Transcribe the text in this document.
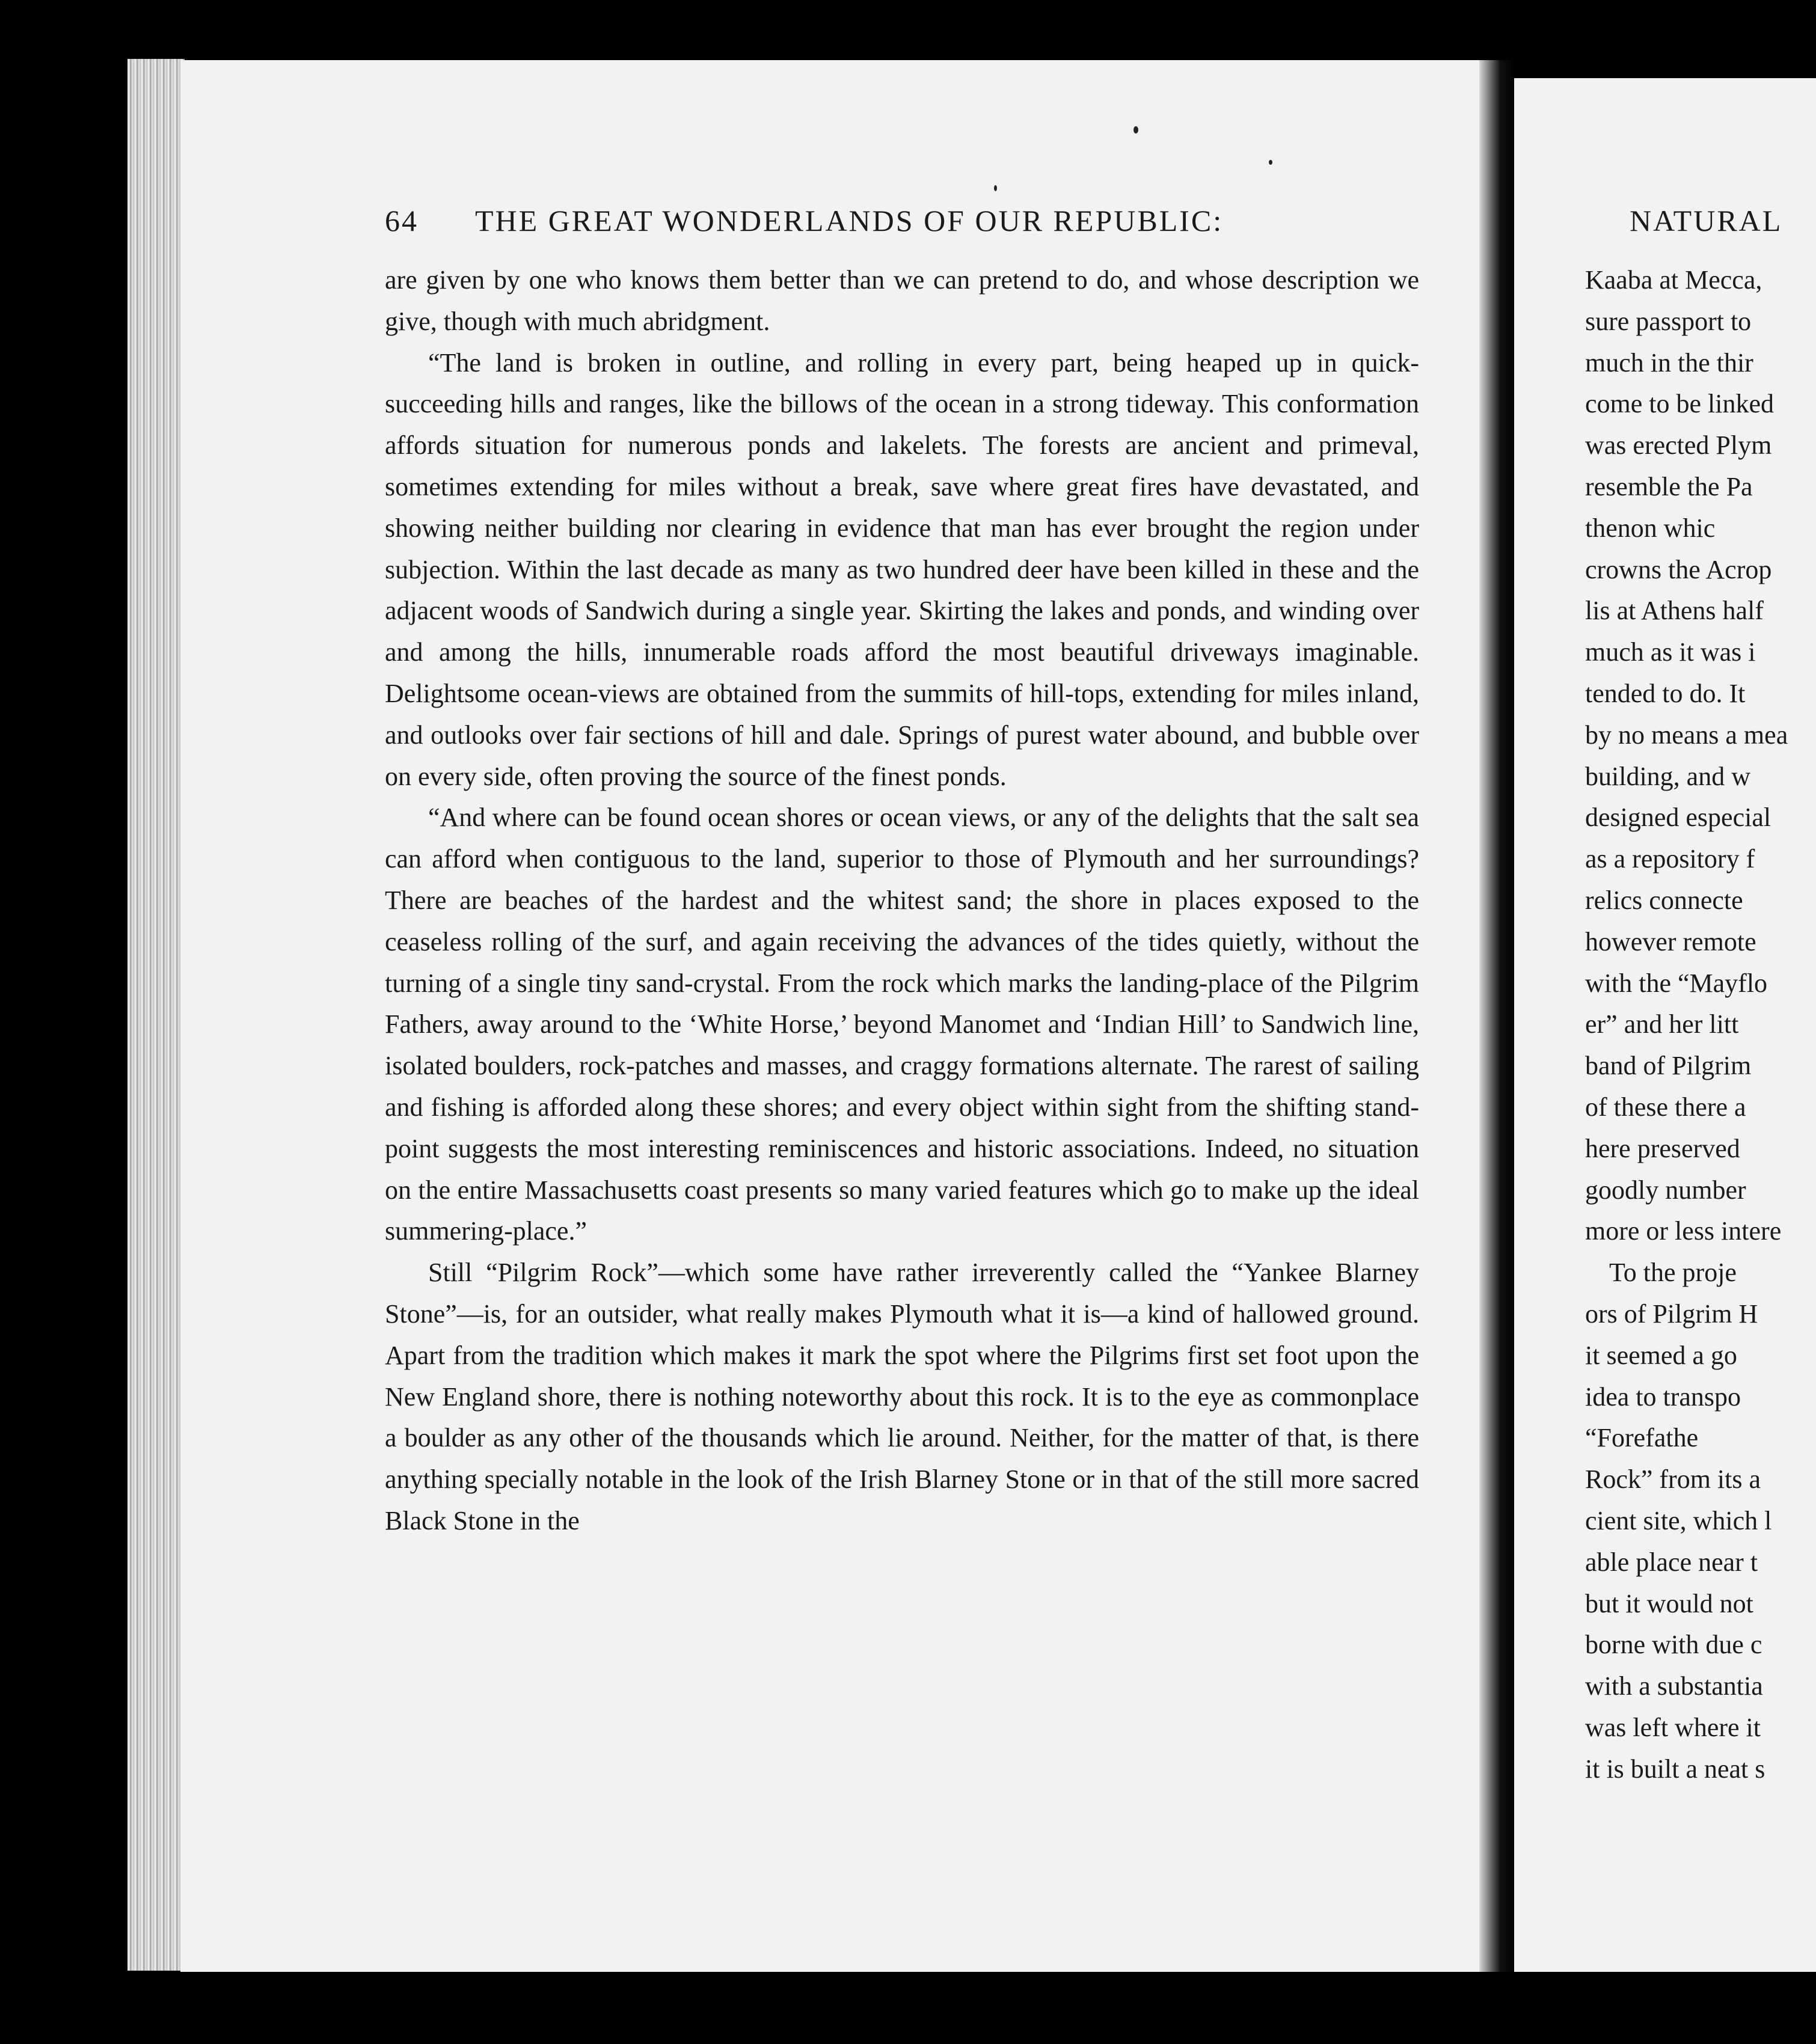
64 THE GREAT WONDERLANDS OF OUR REPUBLIC:

are given by one who knows them better than we can pretend to do, and whose description we give, though with much abridgment.

“The land is broken in outline, and rolling in every part, being heaped up in quick-succeeding hills and ranges, like the billows of the ocean in a strong tideway. This conformation affords situation for numerous ponds and lakelets. The forests are ancient and primeval, sometimes extending for miles without a break, save where great fires have devastated, and showing neither building nor clearing in evidence that man has ever brought the region under subjection. Within the last decade as many as two hundred deer have been killed in these and the adjacent woods of Sandwich during a single year. Skirting the lakes and ponds, and winding over and among the hills, innumerable roads afford the most beautiful driveways imaginable. Delightsome ocean-views are obtained from the summits of hill-tops, extending for miles inland, and outlooks over fair sections of hill and dale. Springs of purest water abound, and bubble over on every side, often proving the source of the finest ponds.

“And where can be found ocean shores or ocean views, or any of the delights that the salt sea can afford when contiguous to the land, superior to those of Plymouth and her surroundings? There are beaches of the hardest and the whitest sand; the shore in places exposed to the ceaseless rolling of the surf, and again receiving the advances of the tides quietly, without the turning of a single tiny sand-crystal. From the rock which marks the landing-place of the Pilgrim Fathers, away around to the ‘White Horse,’ beyond Manomet and ‘Indian Hill’ to Sandwich line, isolated boulders, rock-patches and masses, and craggy formations alternate. The rarest of sailing and fishing is afforded along these shores; and every object within sight from the shifting stand-point suggests the most interesting reminiscences and historic associations. Indeed, no situation on the entire Massachusetts coast presents so many varied features which go to make up the ideal summering-place.”

Still “Pilgrim Rock”—which some have rather irreverently called the “Yankee Blarney Stone”—is, for an outsider, what really makes Plymouth what it is—a kind of hallowed ground. Apart from the tradition which makes it mark the spot where the Pilgrims first set foot upon the New England shore, there is nothing noteworthy about this rock. It is to the eye as commonplace a boulder as any other of the thousands which lie around. Neither, for the matter of that, is there anything specially notable in the look of the Irish Blarney Stone or in that of the still more sacred Black Stone in the

NATURAL
Kaaba at Mecca,
sure passport to
much in the thir
come to be linked
was erected Plym
resemble the Pa
thenon whic
crowns the Acrop
lis at Athens half
much as it was i
tended to do. It
by no means a mea
building, and w
designed especial
as a repository f
relics connecte
however remote
with the “Mayflo
er” and her litt
band of Pilgrim
of these there a
here preserved
goodly number
more or less intere
To the proje
ors of Pilgrim H
it seemed a go
idea to transpo
“Forefathe
Rock” from its a
cient site, which l
able place near t
but it would not
borne with due c
with a substantia
was left where it
it is built a neat s
